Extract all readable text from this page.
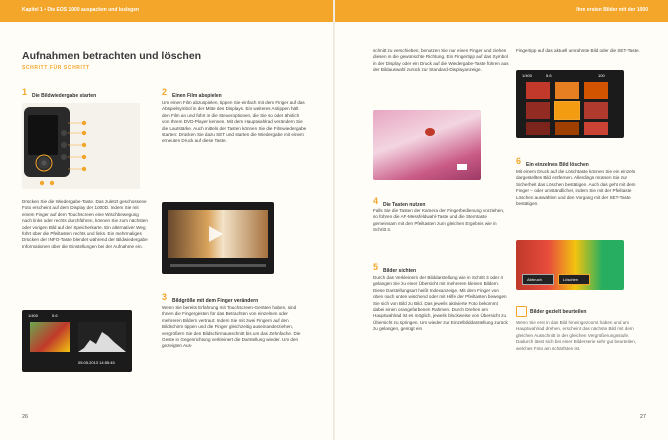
Kapitel 1 • Die EOS 1000 auspacken und loslegen	Ihre ersten Bilder mit der 1000
Aufnahmen betrachten und löschen
SCHRITT FÜR SCHRITT
1 Die Bildwiedergabe starten
Drücken Sie die Wiedergabe-Taste. Das zuletzt geschossene Foto erscheint auf dem Display der 1000D. Indem Sie mit einem Finger auf dem Touchscreen eine Wischbewegung nach links oder rechts durchführen, können Sie zum nächsten oder vorigen Bild auf der Speicherkarte. Ein alternativer Weg führt über die Pfeiltasten rechts und links. Ein mehrmaliges Drücken der INFO-Taste blendet während der Bildwiedergabe Informationen über die Einstellungen bei der Aufnahme ein.
1/400	5.6
05.05.2013 14:55:45
26
2 Einen Film abspielen
Um einen Film abzuspielen, tippen Sie einfach mit dem Finger auf das Abspielsymbol in der Mitte des Displays. Ein weiteres Antippen hält den Film an und führt in die Steueroptionen, die Sie so oder ähnlich von Ihrem DVD-Player kennen. Mit dem Hauptwahlrad verändern Sie die Lautstärke. Auch mittels der Tasten können Sie die Filmwiedergabe starten: Drücken Sie dazu SET und starten die Wiedergabe mit einem erneuten Druck auf diese Taste.
3 Bildgröße mit dem Finger verändern
Wenn Sie bereits Erfahrung mit Touchscreen-Geräten haben, sind Ihnen die Fingergesten für das Betrachten von einzelnen oder mehreren Bildern vertraut: Indem Sie mit zwei Fingern auf den Bildschirm tippen und die Finger gleichzeitig auseinanderziehen, vergrößern Sie den Bildschirmausschnitt bis um das Zehnfache. Die Geste in Gegenrichtung verkleinert die Darstellung wieder. Um den gezeigten Aus-
schnitt zu verschieben, benutzen Sie nur einen Finger und ziehen diesen in die gewünschte Richtung. Ein Fingertipp auf das Symbol in der Display oder ein Druck auf die Wiedergabe-Taste führen aus der Bildauswahl zurück zur Standard-Displayanzeige.
4 Die Tasten nutzen
Falls Sie die Tasten der Kamera der Fingerbedienung vorziehen, so führen die AF-Messfeldwahl-Taste und die Sterntaste gemeinsam mit den Pfeiltasten zum gleichen Ergebnis wie in Schritt 3.
5 Bilder sichten
Durch das Verkleinern der Bilddarstellung wie in Schritt 3 oder 4 gelangen Sie zu einer Übersicht mit mehreren kleinen Bildern. Diese Darstellungsart heißt Indexanzeige. Mit dem Finger von oben nach unten wischend oder mit Hilfe der Pfeiltasten bewegen Sie sich von Bild zu Bild. Das jeweils aktivierte Foto bekommt dabei einen orangefarbenen Rahmen. Durch Drehen am Hauptwahlrad ist es möglich, jeweils blockweise von Übersicht zu Übersicht zu springen. Um wieder zur Einzelbilddarstellung zurück zu gelangen, genügt ein
Fingertipp auf das aktuell umrahmte Bild oder die SET-Taste.
1/400	5.6	100
6 Ein einzelnes Bild löschen
Mit einem Druck auf die Löschtaste können Sie ein einzeln dargestelltes Bild entfernen. Allerdings müssen Sie zur Sicherheit das Löschen bestätigen. Auch das geht mit dem Finger – oder umständlicher, indem Sie mit der Pfeiltaste Löschen auswählen und den Vorgang mit der SET-Taste bestätigen.
Abbruch	Löschen
Bilder gezielt beurteilen
Wenn Sie erst in das Bild hineingezoomt haben und am Hauptwahlrad drehen, erscheint das nächste Bild mit dem gleichen Ausschnitt in der gleichen Vergrößerungsstufe. Dadurch lässt sich bei einer Bilderserie sehr gut beurteilen, welches Foto am schärfsten ist.
27
